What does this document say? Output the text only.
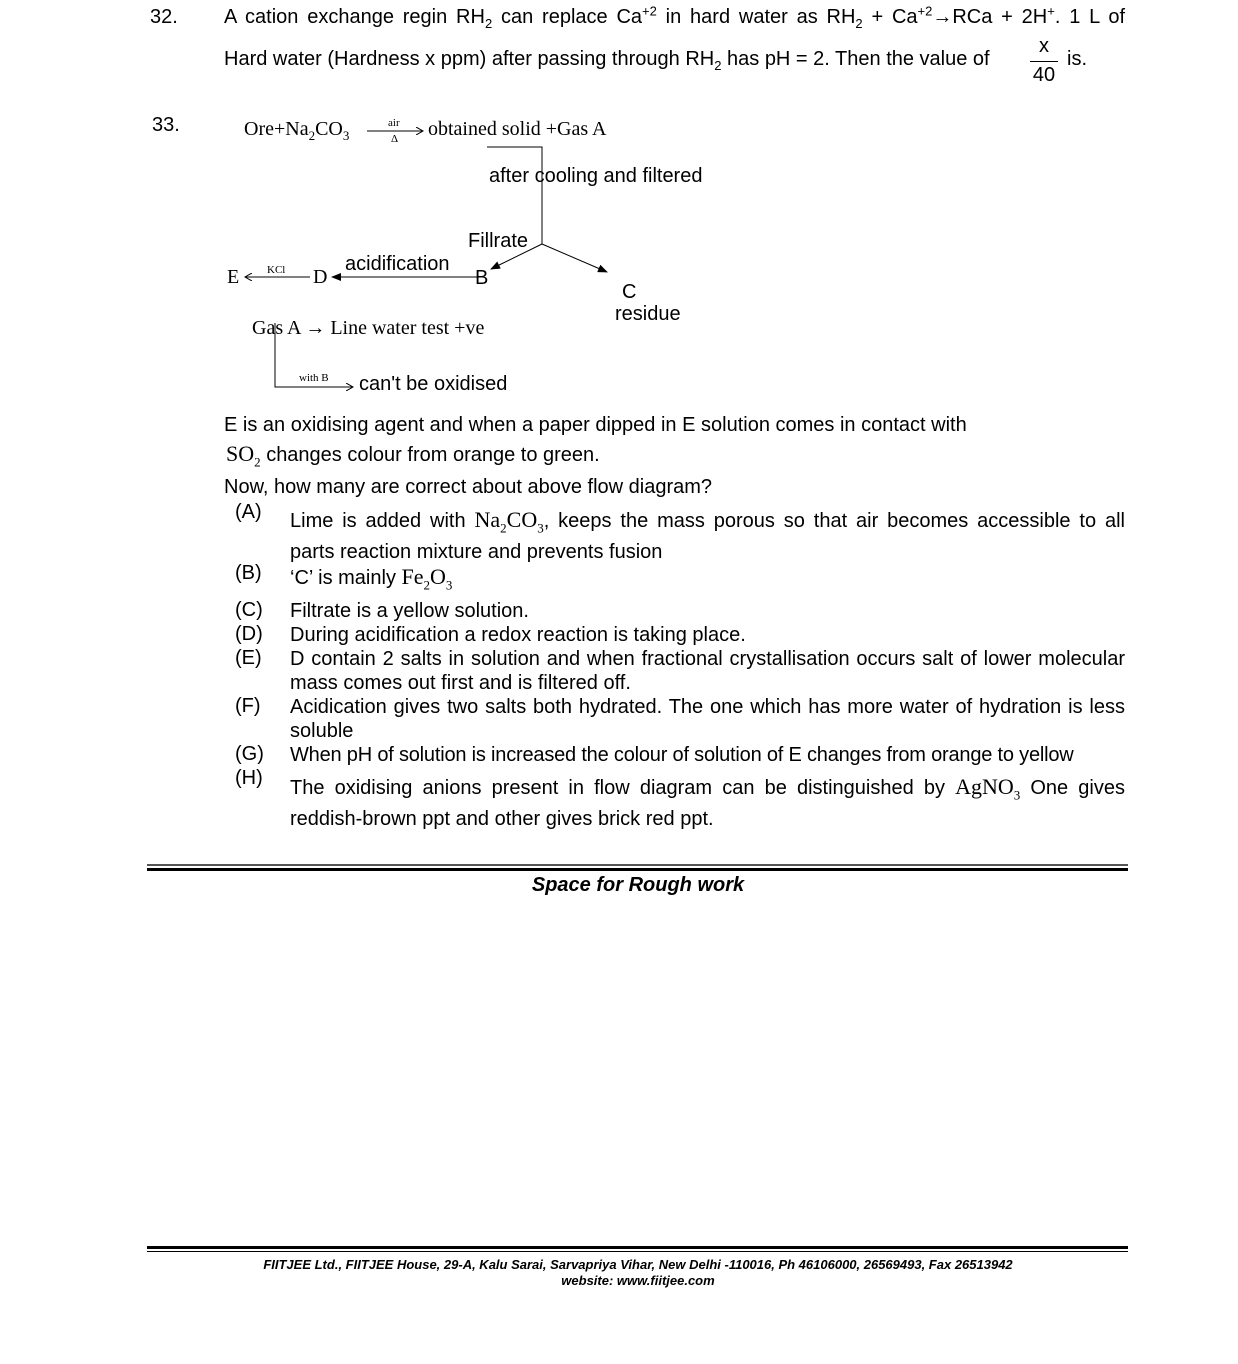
32. A cation exchange regin $RH_2$ can replace $Ca^{+2}$ in hard water as $RH_2 + Ca^{+2}\to RCa + 2H^+$. 1 L of
Hard water (Hardness x ppm) after passing through $RH_2$ has pH = 2. Then the value of
x
40
is.
33.	$Ore+Na_2CO_3$
air
Δ obtained solid +Gas A
after cooling and filtered
Fillrate
B
C
residue
acidification
D
KCl
E
Gas A → Line water test +ve
with B can't be oxidised
E is an oxidising agent and when a paper dipped in E solution comes in contact with
$SO_2$ changes colour from orange to green.
Now, how many are correct about above flow diagram?
(A) Lime is added with $Na_2CO_3$, keeps the mass porous so that air becomes accessible to all parts reaction mixture and prevents fusion
(B) ‘C’ is mainly $Fe_2O_3$
(C) Filtrate is a yellow solution.
(D) During acidification a redox reaction is taking place.
(E) D contain 2 salts in solution and when fractional crystallisation occurs salt of lower molecular mass comes out first and is filtered off.
(F) Acidication gives two salts both hydrated. The one which has more water of hydration is less soluble
(G) When pH of solution is increased the colour of solution of E changes from orange to yellow
(H) The oxidising anions present in flow diagram can be distinguished by AgNO$_3$ One gives reddish-brown ppt and other gives brick red ppt.
Space for Rough work
FIITJEE Ltd., FIITJEE House, 29-A, Kalu Sarai, Sarvapriya Vihar, New Delhi -110016, Ph 46106000, 26569493, Fax 26513942
website: www.fiitjee.com
